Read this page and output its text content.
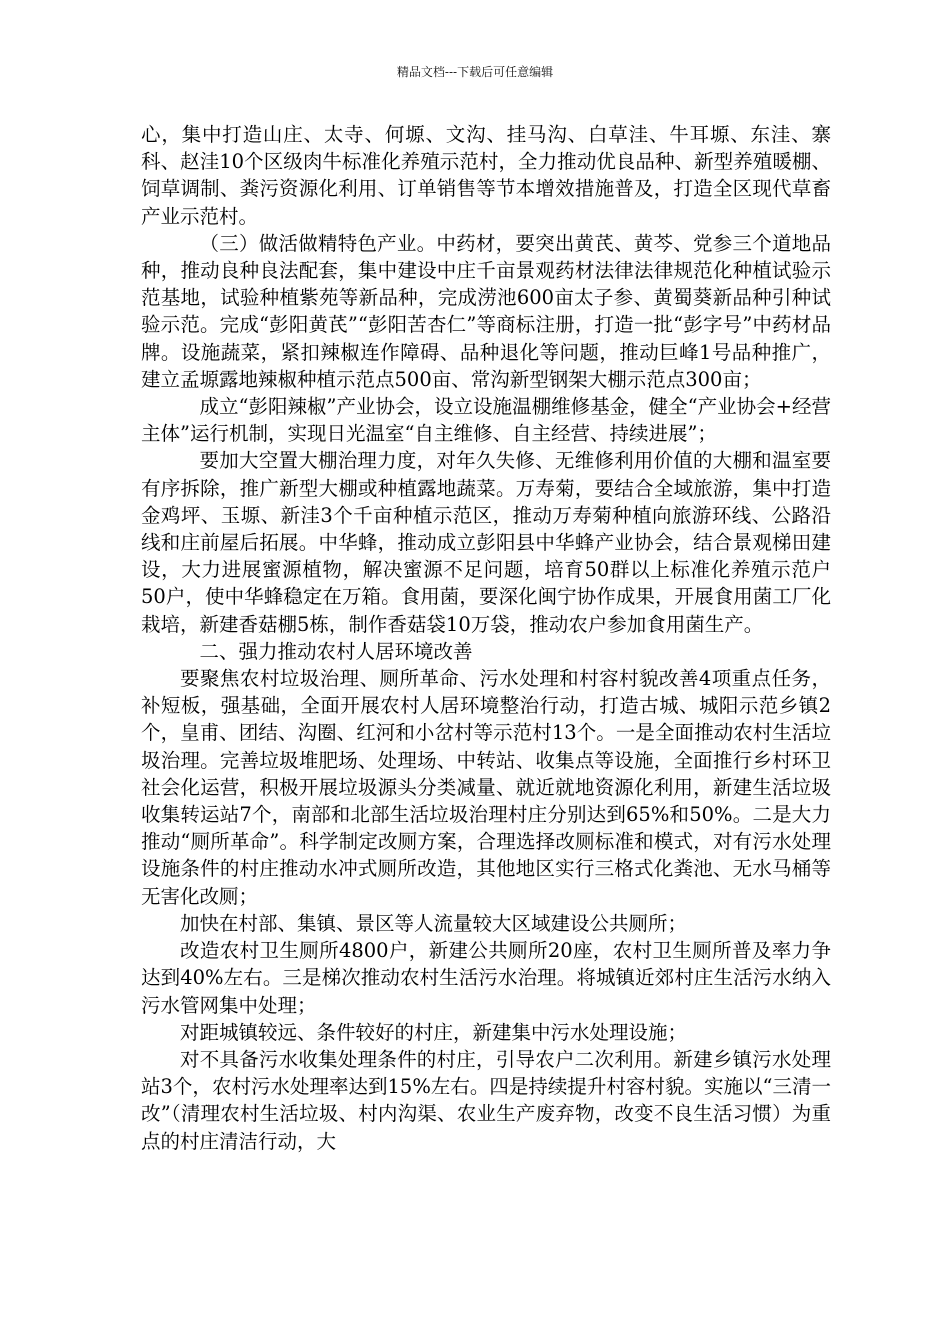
精品文档---下载后可任意编辑

心，集中打造山庄、太寺、何塬、文沟、挂马沟、白草洼、牛耳塬、东洼、寨科、赵洼10个区级肉牛标准化养殖示范村，全力推动优良品种、新型养殖暖棚、饲草调制、粪污资源化利用、订单销售等节本增效措施普及，打造全区现代草畜产业示范村。

（三）做活做精特色产业。中药材，要突出黄芪、黄芩、党参三个道地品种，推动良种良法配套，集中建设中庄千亩景观药材法律法律规范化种植试验示范基地，试验种植紫苑等新品种，完成涝池600亩太子参、黄蜀葵新品种引种试验示范。完成“彭阳黄芪”“彭阳苦杏仁”等商标注册，打造一批“彭字号”中药材品牌。设施蔬菜，紧扣辣椒连作障碍、品种退化等问题，推动巨峰1号品种推广，建立孟塬露地辣椒种植示范点500亩、常沟新型钢架大棚示范点300亩；

成立“彭阳辣椒”产业协会，设立设施温棚维修基金，健全“产业协会+经营主体”运行机制，实现日光温室“自主维修、自主经营、持续进展”；

要加大空置大棚治理力度，对年久失修、无维修利用价值的大棚和温室要有序拆除，推广新型大棚或种植露地蔬菜。万寿菊，要结合全域旅游，集中打造金鸡坪、玉塬、新洼3个千亩种植示范区，推动万寿菊种植向旅游环线、公路沿线和庄前屋后拓展。中华蜂，推动成立彭阳县中华蜂产业协会，结合景观梯田建设，大力进展蜜源植物，解决蜜源不足问题，培育50群以上标准化养殖示范户50户，使中华蜂稳定在万箱。食用菌，要深化闽宁协作成果，开展食用菌工厂化栽培，新建香菇棚5栋，制作香菇袋10万袋，推动农户参加食用菌生产。

二、强力推动农村人居环境改善

要聚焦农村垃圾治理、厕所革命、污水处理和村容村貌改善4项重点任务，补短板，强基础，全面开展农村人居环境整治行动，打造古城、城阳示范乡镇2个，皇甫、团结、沟圈、红河和小岔村等示范村13个。一是全面推动农村生活垃圾治理。完善垃圾堆肥场、处理场、中转站、收集点等设施，全面推行乡村环卫社会化运营，积极开展垃圾源头分类减量、就近就地资源化利用，新建生活垃圾收集转运站7个，南部和北部生活垃圾治理村庄分别达到65%和50%。二是大力推动“厕所革命”。科学制定改厕方案，合理选择改厕标准和模式，对有污水处理设施条件的村庄推动水冲式厕所改造，其他地区实行三格式化粪池、无水马桶等无害化改厕；

加快在村部、集镇、景区等人流量较大区域建设公共厕所；

改造农村卫生厕所4800户，新建公共厕所20座，农村卫生厕所普及率力争达到40%左右。三是梯次推动农村生活污水治理。将城镇近郊村庄生活污水纳入污水管网集中处理；

对距城镇较远、条件较好的村庄，新建集中污水处理设施；

对不具备污水收集处理条件的村庄，引导农户二次利用。新建乡镇污水处理站3个，农村污水处理率达到15%左右。四是持续提升村容村貌。实施以“三清一改”（清理农村生活垃圾、村内沟渠、农业生产废弃物，改变不良生活习惯）为重点的村庄清洁行动，大
